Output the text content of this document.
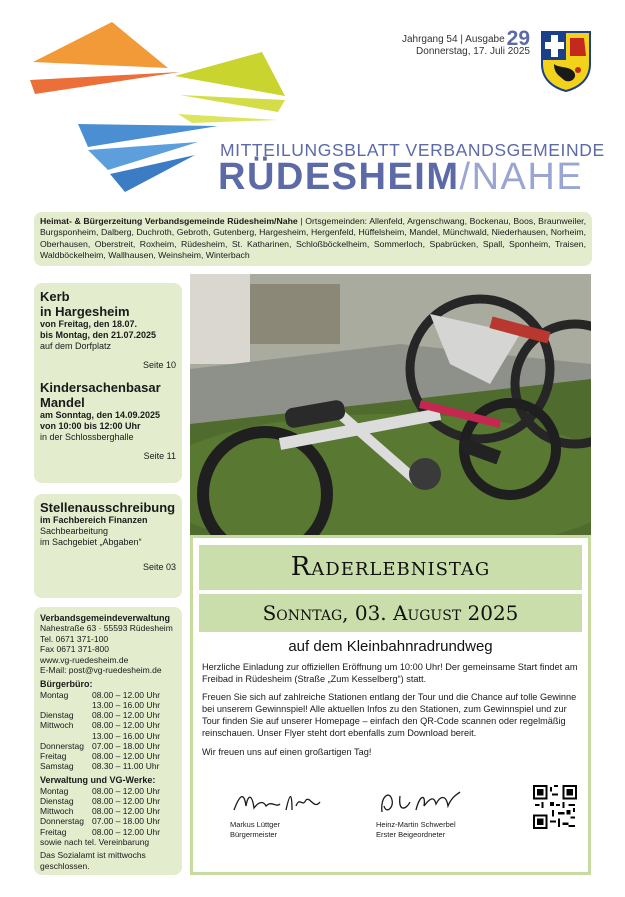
Jahrgang 54 | Ausgabe29
Donnerstag, 17. Juli 2025
MITTEILUNGSBLATT VERBANDSGEMEINDE
RÜDESHEIM/NAHE
Heimat- & Bürgerzeitung Verbandsgemeinde Rüdesheim/Nahe | Ortsgemeinden: Allenfeld, Argenschwang, Bockenau, Boos, Braunweiler, Burgsponheim, Dalberg, Duchroth, Gebroth, Gutenberg, Hargesheim, Hergenfeld, Hüffelsheim, Mandel, Münchwald, Niederhausen, Norheim, Oberhausen, Oberstreit, Roxheim, Rüdesheim, St. Katharinen, Schloßböckelheim, Sommerloch, Spabrücken, Spall, Sponheim, Traisen, Waldböckelheim, Wallhausen, Weinsheim, Winterbach
Kerb
in Hargesheim
von Freitag, den 18.07.
bis Montag, den 21.07.2025
auf dem Dorfplatz
Seite 10
Kindersachenbasar
Mandel
am Sonntag, den 14.09.2025
von 10:00 bis 12:00 Uhr
in der Schlossberghalle
Seite 11
Stellenausschreibung
im Fachbereich Finanzen
Sachbearbeitung
im Sachgebiet „Abgaben“
Seite 03
Verbandsgemeindeverwaltung
Nahestraße 63 · 55593 Rüdesheim
Tel. 0671 371-100
Fax 0671 371-800
www.vg-ruedesheim.de
E-Mail: post@vg-ruedesheim.de
Bürgerbüro:
Montag	08.00 – 12.00 Uhr
	13.00 – 16.00 Uhr
Dienstag	08.00 – 12.00 Uhr
Mittwoch	08.00 – 12.00 Uhr
	13.00 – 16.00 Uhr
Donnerstag	07.00 – 18.00 Uhr
Freitag	08.00 – 12.00 Uhr
Samstag	08.30 – 11.00 Uhr
Verwaltung und VG-Werke:
Montag	08.00 – 12.00 Uhr
Dienstag	08.00 – 12.00 Uhr
Mittwoch	08.00 – 12.00 Uhr
Donnerstag	07.00 – 18.00 Uhr
Freitag	08.00 – 12.00 Uhr
sowie nach tel. Vereinbarung
Das Sozialamt ist mittwochs geschlossen.
Raderlebnistag
Sonntag, 03. August 2025
auf dem Kleinbahnradrundweg

Herzliche Einladung zur offiziellen Eröffnung um 10:00 Uhr! Der gemeinsame Start findet am Freibad in Rüdesheim (Straße „Zum Kesselberg“) statt.

Freuen Sie sich auf zahlreiche Stationen entlang der Tour und die Chance auf tolle Gewinne bei unserem Gewinnspiel! Alle aktuellen Infos zu den Stationen, zum Gewinnspiel und zur Tour finden Sie auf unserer Homepage – einfach den QR-Code scannen oder regelmäßig reinschauen. Unser Flyer steht dort ebenfalls zum Download bereit.

Wir freuen uns auf einen großartigen Tag!

Markus Lüttger
Bürgermeister
Heinz-Martin Schwerbel
Erster Beigeordneter
